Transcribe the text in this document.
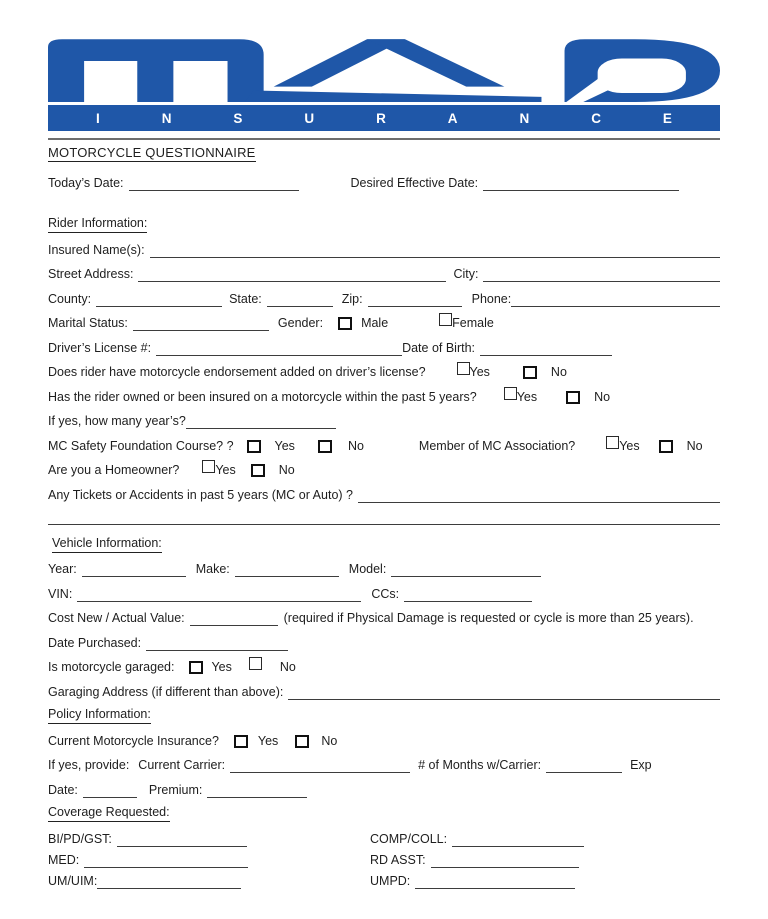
I	N	S	U	R	A	N	C	E
MOTORCYCLE QUESTIONNAIRE
Today’s Date:	Desired Effective Date:
Rider Information:
Insured Name(s):
Street Address:	City:
County:	State:	Zip:	Phone:
Marital Status:	Gender:	Male	Female
Driver’s License #:	Date of Birth:
Does rider have motorcycle endorsement added on driver’s license?	Yes	No
Has the rider owned or been insured on a motorcycle within the past 5 years?	Yes	No
If yes, how many year’s?
MC Safety Foundation Course? ?	Yes	No	Member of MC Association?	Yes	No
Are you a Homeowner?	Yes	No
Any Tickets or Accidents in past 5 years (MC or Auto) ?
Vehicle Information:
Year:	Make:	Model:
VIN:	CCs:
Cost New / Actual Value:	(required if Physical Damage is requested or cycle is more than 25 years).
Date Purchased:
Is motorcycle garaged:	Yes	No
Garaging Address (if different than above):
Policy Information:
Current Motorcycle Insurance?	Yes	No
If yes, provide: Current Carrier:	# of Months w/Carrier:	Exp
Date:	Premium:
Coverage Requested:
BI/PD/GST:	COMP/COLL:
MED:	RD ASST:
UM/UIM:	UMPD:
